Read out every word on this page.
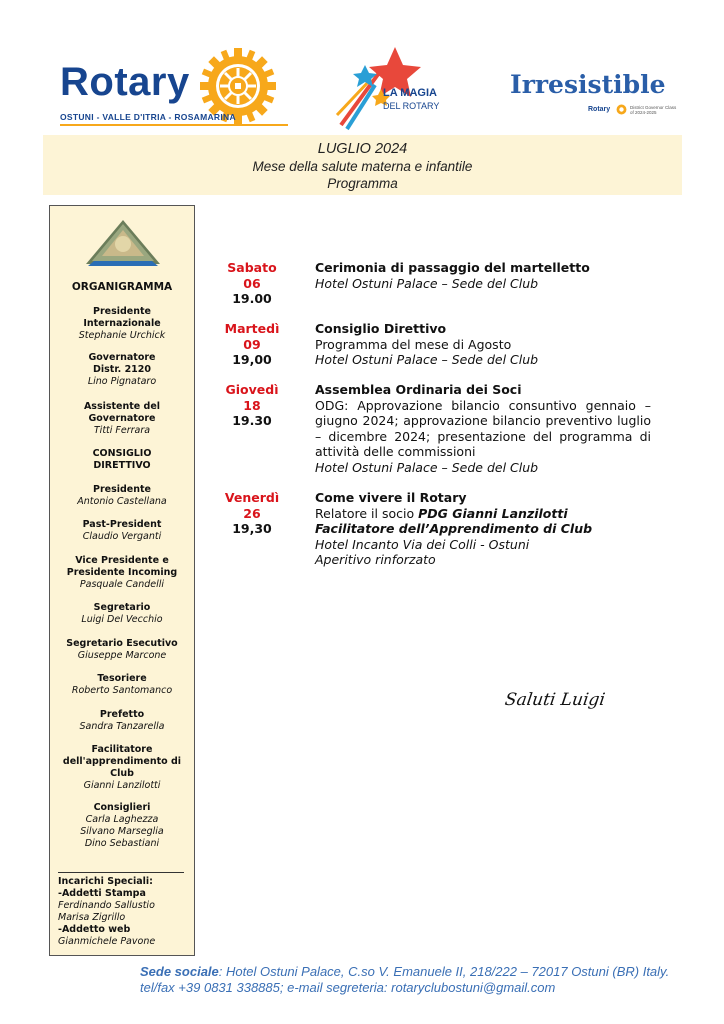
Rotary
OSTUNI - VALLE D'ITRIA - ROSAMARINA
LA MAGIA
DEL ROTARY
Irresistible
Rotary	District Governor Class of 2024-2025
LUGLIO 2024
Mese della salute materna e infantile
Programma
ORGANIGRAMMA
Presidente Internazionale
Stephanie Urchick
Governatore Distr. 2120
Lino Pignataro
Assistente del Governatore
Titti Ferrara
CONSIGLIO DIRETTIVO
Presidente
Antonio Castellana
Past-President
Claudio Verganti
Vice Presidente e Presidente Incoming
Pasquale Candelli
Segretario
Luigi Del Vecchio
Segretario Esecutivo
Giuseppe Marcone
Tesoriere
Roberto Santomanco
Prefetto
Sandra Tanzarella
Facilitatore dell'apprendimento di Club
Gianni Lanzilotti
Consiglieri
Carla Laghezza
Silvano Marseglia
Dino Sebastiani
Incarichi Speciali:
-Addetti Stampa
Ferdinando Sallustio
Marisa Zigrillo
-Addetto web
Gianmichele Pavone
Sabato
06
19.00
Cerimonia di passaggio del martelletto
Hotel Ostuni Palace – Sede del Club
Martedì
09
19,00
Consiglio Direttivo
Programma del mese di Agosto
Hotel Ostuni Palace – Sede del Club
Giovedì
18
19.30
Assemblea Ordinaria dei Soci
ODG: Approvazione bilancio consuntivo gennaio – giugno 2024; approvazione bilancio preventivo luglio – dicembre 2024; presentazione del programma di attività delle commissioni
Hotel Ostuni Palace – Sede del Club
Venerdì
26
19,30
Come vivere il Rotary
Relatore il socio PDG Gianni Lanzilotti
Facilitatore dell’Apprendimento di Club
Hotel Incanto Via dei Colli - Ostuni
Aperitivo rinforzato
Saluti Luigi
Sede sociale: Hotel Ostuni Palace, C.so V. Emanuele II, 218/222 – 72017 Ostuni (BR) Italy.
tel/fax +39 0831 338885; e-mail segreteria: rotaryclubostuni@gmail.com
